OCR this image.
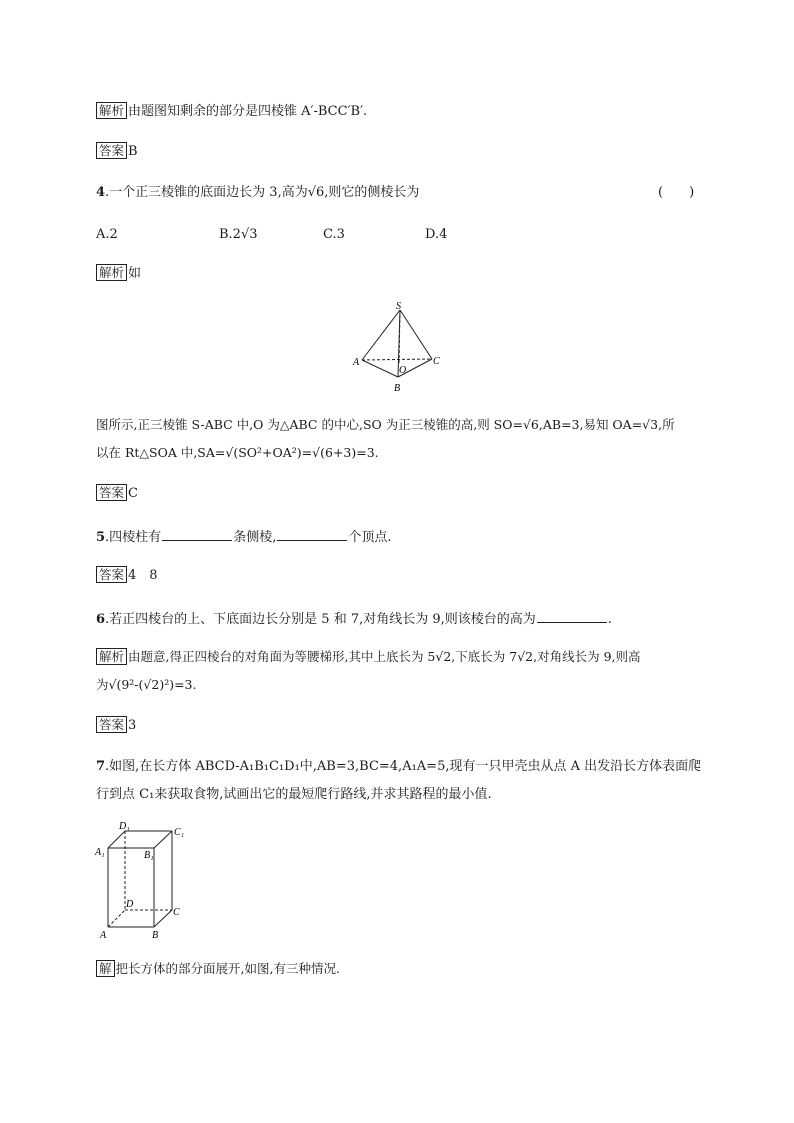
解析 由题图知剩余的部分是四棱锥 A′-BCC′B′.
答案 B
4.一个正三棱锥的底面边长为 3,高为√6,则它的侧棱长为	(　　)
A.2	B.2√3	C.3	D.4
解析 如
S
A
B
C
O
图所示,正三棱锥 S-ABC 中,O 为△ABC 的中心,SO 为正三棱锥的高,则 SO=√6,AB=3,易知 OA=√3,所
以在 Rt△SOA 中,SA=√(SO²+OA²)=√(6+3)=3.
答案 C
5.四棱柱有	条侧棱,	个顶点.
答案 4　8
6.若正四棱台的上、下底面边长分别是 5 和 7,对角线长为 9,则该棱台的高为	.
解析 由题意,得正四棱台的对角面为等腰梯形,其中上底长为 5√2,下底长为 7√2,对角线长为 9,则高
为√(9²-(√2)²)=3.
答案 3
7.如图,在长方体 ABCD-A₁B₁C₁D₁中,AB=3,BC=4,A₁A=5,现有一只甲壳虫从点 A 出发沿长方体表面爬
行到点 C₁来获取食物,试画出它的最短爬行路线,并求其路程的最小值.
D₁
C₁
A₁	B₁
D
C
A	B
解 把长方体的部分面展开,如图,有三种情况.
